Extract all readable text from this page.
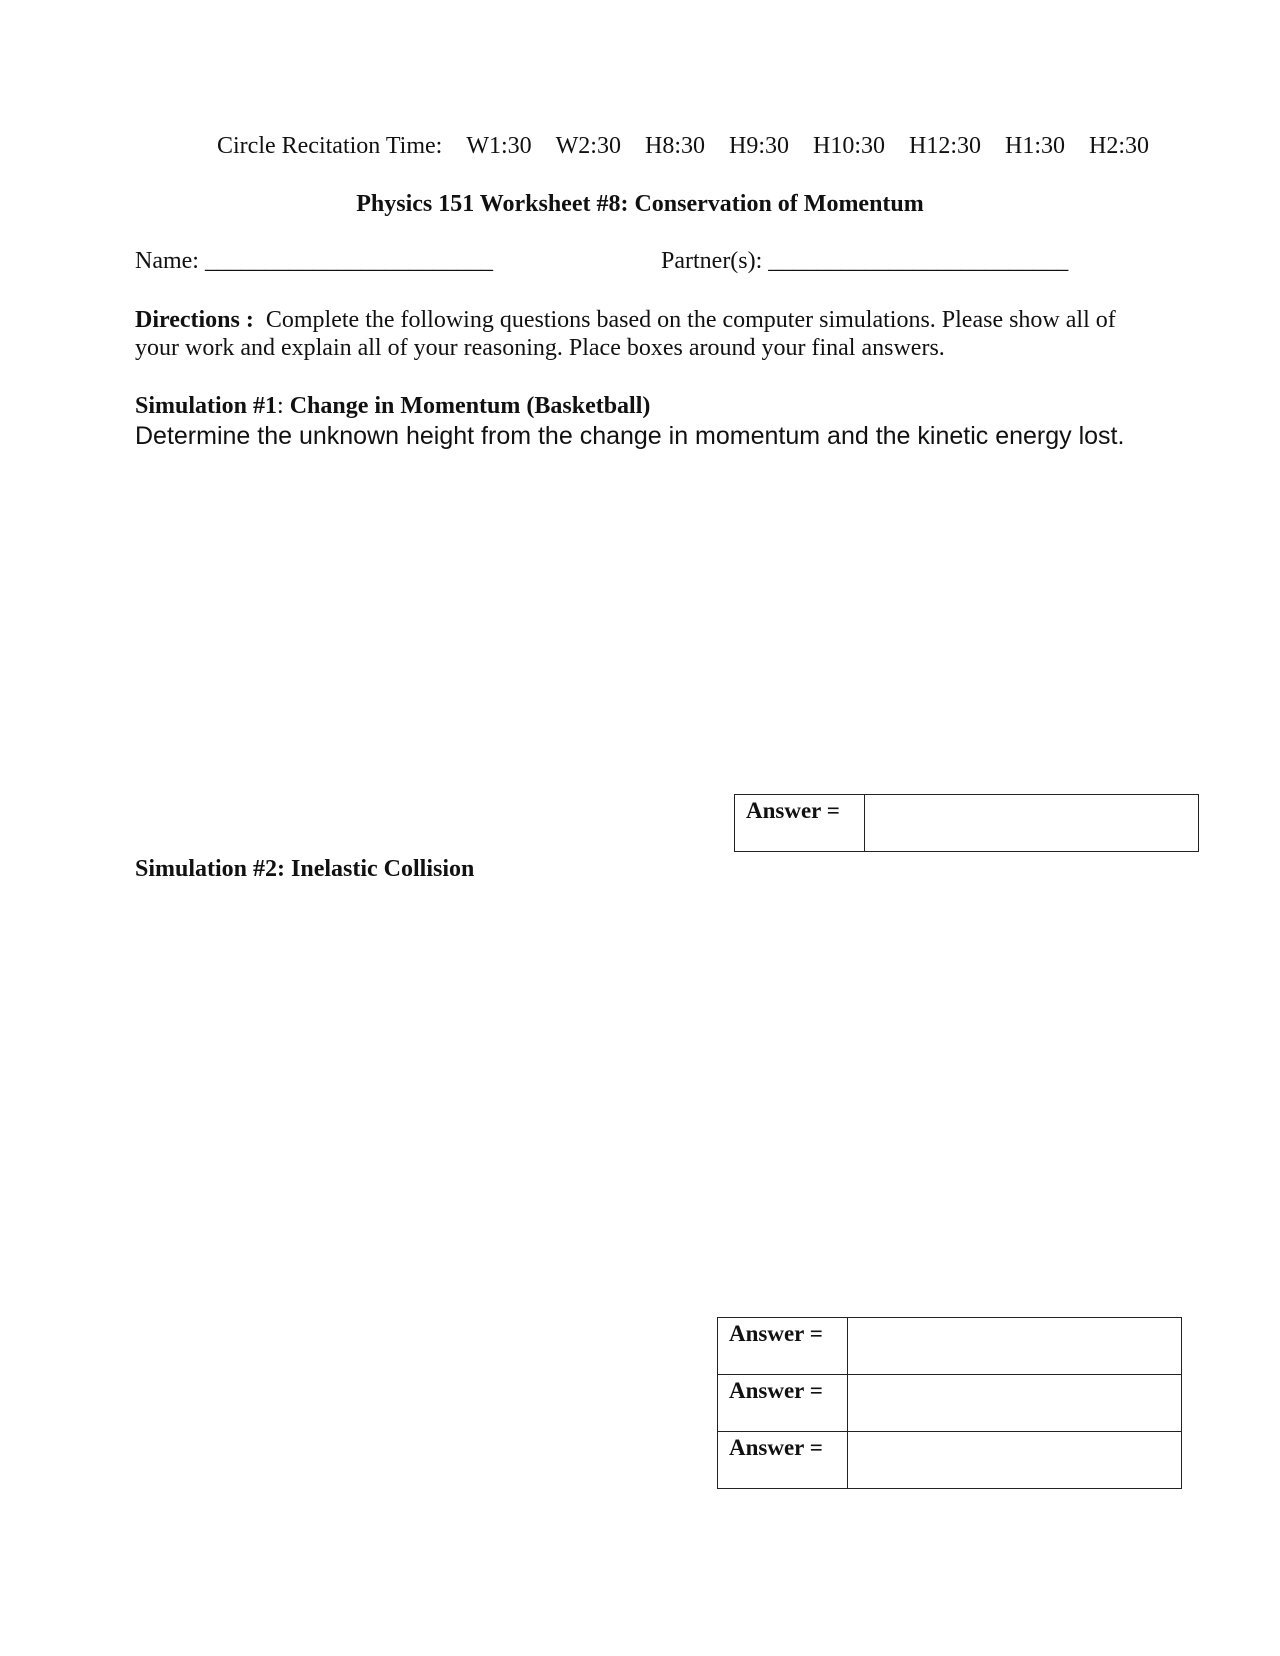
Circle Recitation Time: W1:30 W2:30 H8:30 H9:30 H10:30 H12:30 H1:30 H2:30
Physics 151 Worksheet #8: Conservation of Momentum
Name: ________________________	Partner(s): _________________________
Directions : Complete the following questions based on the computer simulations. Please show all of your work and explain all of your reasoning. Place boxes around your final answers.
Simulation #1: Change in Momentum (Basketball)
Determine the unknown height from the change in momentum and the kinetic energy lost.
Answer =	
Simulation #2: Inelastic Collision
Answer =	
Answer =	
Answer =	
